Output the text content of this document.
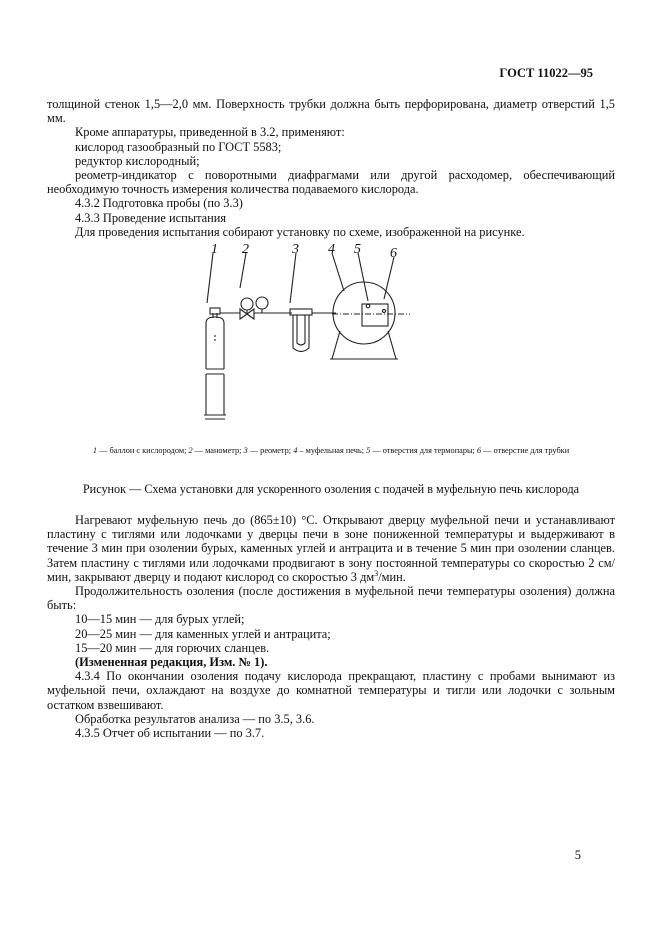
ГОСТ 11022—95

толщиной стенок 1,5—2,0 мм. Поверхность трубки должна быть перфорирована, диаметр отверстий 1,5 мм.

Кроме аппаратуры, приведенной в 3.2, применяют:

кислород газообразный по ГОСТ 5583;

редуктор кислородный;

реометр-индикатор с поворотными диафрагмами или другой расходомер, обеспечивающий необходимую точность измерения количества подаваемого кислорода.

4.3.2 Подготовка пробы (по 3.3)

4.3.3 Проведение испытания

Для проведения испытания собирают установку по схеме, изображенной на рисунке.

1 2	3 4 5 6
1 — баллон с кислородом; 2 — манометр; 3 — реометр; 4 – муфельная печь; 5 — отверстия для термопары; 6 — отверстие для трубки
Рисунок — Схема установки для ускоренного озоления с подачей в муфельную печь кислорода

Нагревают муфельную печь до (865±10) °С. Открывают дверцу муфельной печи и устанавливают пластину с тиглями или лодочками у дверцы печи в зоне пониженной температуры и выдерживают в течение 3 мин при озолении бурых, каменных углей и антрацита и в течение 5 мин при озолении сланцев. Затем пластину с тиглями или лодочками продвигают в зону постоянной температуры со скоростью 2 см/мин, закрывают дверцу и подают кислород со скоростью 3 $дм^3$/мин.

Продолжительность озоления (после достижения в муфельной печи температуры озоления) должна быть:

10—15 мин — для бурых углей;

20—25 мин — для каменных углей и антрацита;

15—20 мин — для горючих сланцев.

(Измененная редакция, Изм. № 1).

4.3.4 По окончании озоления подачу кислорода прекращают, пластину с пробами вынимают из муфельной печи, охлаждают на воздухе до комнатной температуры и тигли или лодочки с зольным остатком взвешивают.

Обработка результатов анализа — по 3.5, 3.6.

4.3.5 Отчет об испытании — по 3.7.

5
